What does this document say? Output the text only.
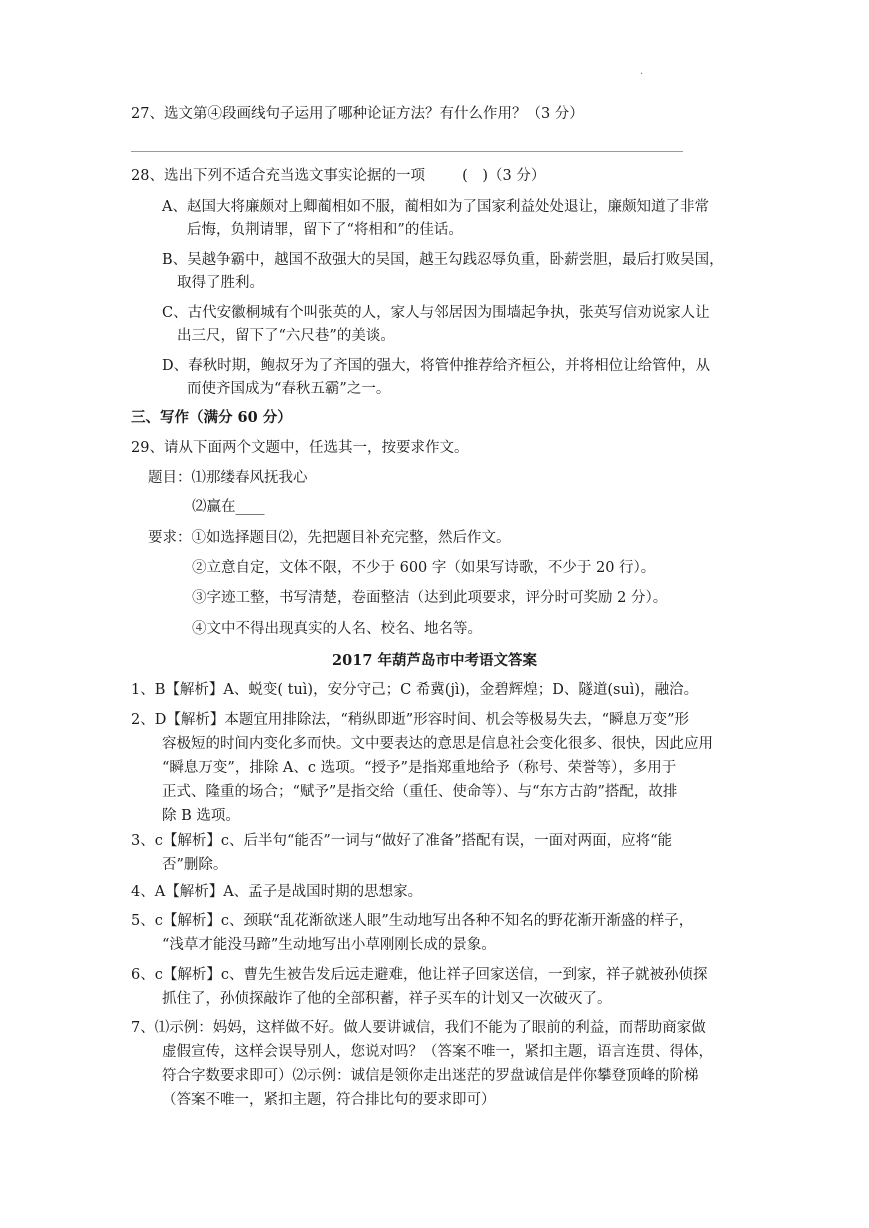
.
27、选文第④段画线句子运用了哪种论证方法？有什么作用？（3 分）
28、选出下列不适合充当选文事实论据的一项	(　)（3 分）
A、赵国大将廉颇对上卿蔺相如不服，蔺相如为了国家利益处处退让，廉颇知道了非常
后悔，负荆请罪，留下了“将相和”的佳话。
B、吴越争霸中，越国不敌强大的吴国，越王勾践忍辱负重，卧薪尝胆，最后打败吴国，
取得了胜利。
C、古代安徽桐城有个叫张英的人，家人与邻居因为围墙起争执，张英写信劝说家人让
出三尺，留下了“六尺巷”的美谈。
D、春秋时期，鲍叔牙为了齐国的强大，将管仲推荐给齐桓公，并将相位让给管仲，从
而使齐国成为“春秋五霸”之一。
三、写作（满分 60 分）
29、请从下面两个文题中，任选其一，按要求作文。
题目：⑴那缕春风抚我心
⑵赢在____
要求：①如选择题目⑵，先把题目补充完整，然后作文。
②立意自定，文体不限，不少于 600 字（如果写诗歌，不少于 20 行）。
③字迹工整，书写清楚，卷面整洁（达到此项要求，评分时可奖励 2 分）。
④文中不得出现真实的人名、校名、地名等。
2017 年葫芦岛市中考语文答案
1、B【解析】A、蜕变( tuì)，安分守己；C 希冀(jì)，金碧辉煌；D、隧道(suì)，融洽。
2、D【解析】本题宜用排除法，“稍纵即逝”形容时间、机会等极易失去，“瞬息万变”形
容极短的时间内变化多而快。文中要表达的意思是信息社会变化很多、很快，因此应用
“瞬息万变”，排除 A、c 选项。“授予”是指郑重地给予（称号、荣誉等），多用于
正式、隆重的场合；“赋予”是指交给（重任、使命等）、与“东方古韵”搭配，故排
除 B 选项。
3、c【解析】c、后半句“能否”一词与“做好了准备”搭配有误，一面对两面，应将“能
否”删除。
4、A【解析】A、孟子是战国时期的思想家。
5、c【解析】c、颈联“乱花渐欲迷人眼”生动地写出各种不知名的野花渐开渐盛的样子，
“浅草才能没马蹄”生动地写出小草刚刚长成的景象。
6、c【解析】c、曹先生被告发后远走避难，他让祥子回家送信，一到家，祥子就被孙侦探
抓住了，孙侦探敲诈了他的全部积蓄，祥子买车的计划又一次破灭了。
7、⑴示例：妈妈，这样做不好。做人要讲诚信，我们不能为了眼前的利益，而帮助商家做
虚假宣传，这样会误导别人，您说对吗？（答案不唯一，紧扣主题，语言连贯、得体，
符合字数要求即可）⑵示例：诚信是领你走出迷茫的罗盘诚信是伴你攀登顶峰的阶梯
（答案不唯一，紧扣主题，符合排比句的要求即可）
